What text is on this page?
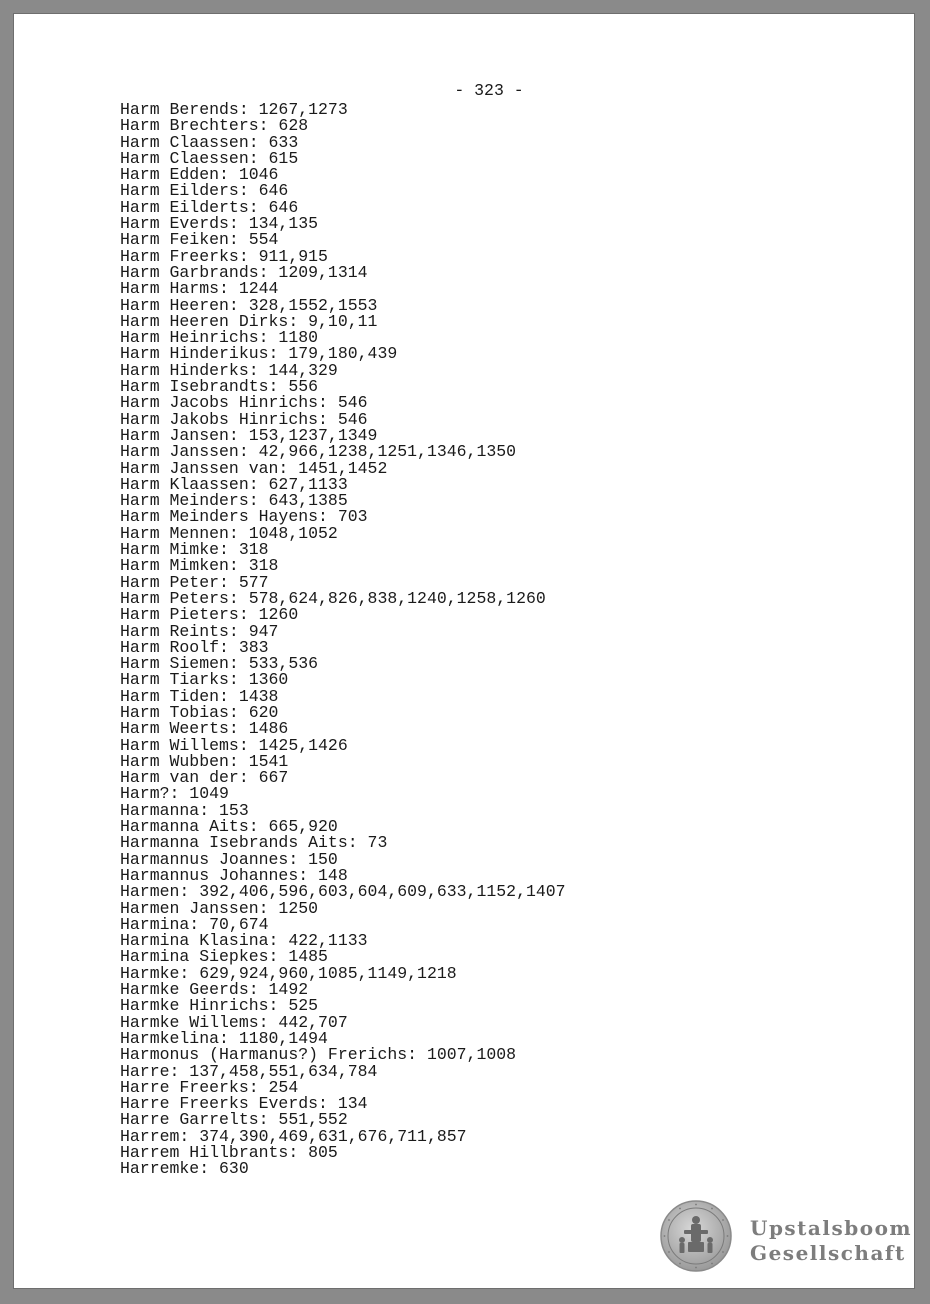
- 323 -
Harm Berends: 1267,1273
Harm Brechters: 628
Harm Claassen: 633
Harm Claessen: 615
Harm Edden: 1046
Harm Eilders: 646
Harm Eilderts: 646
Harm Everds: 134,135
Harm Feiken: 554
Harm Freerks: 911,915
Harm Garbrands: 1209,1314
Harm Harms: 1244
Harm Heeren: 328,1552,1553
Harm Heeren Dirks: 9,10,11
Harm Heinrichs: 1180
Harm Hinderikus: 179,180,439
Harm Hinderks: 144,329
Harm Isebrandts: 556
Harm Jacobs Hinrichs: 546
Harm Jakobs Hinrichs: 546
Harm Jansen: 153,1237,1349
Harm Janssen: 42,966,1238,1251,1346,1350
Harm Janssen van: 1451,1452
Harm Klaassen: 627,1133
Harm Meinders: 643,1385
Harm Meinders Hayens: 703
Harm Mennen: 1048,1052
Harm Mimke: 318
Harm Mimken: 318
Harm Peter: 577
Harm Peters: 578,624,826,838,1240,1258,1260
Harm Pieters: 1260
Harm Reints: 947
Harm Roolf: 383
Harm Siemen: 533,536
Harm Tiarks: 1360
Harm Tiden: 1438
Harm Tobias: 620
Harm Weerts: 1486
Harm Willems: 1425,1426
Harm Wubben: 1541
Harm van der: 667
Harm?: 1049
Harmanna: 153
Harmanna Aits: 665,920
Harmanna Isebrands Aits: 73
Harmannus Joannes: 150
Harmannus Johannes: 148
Harmen: 392,406,596,603,604,609,633,1152,1407
Harmen Janssen: 1250
Harmina: 70,674
Harmina Klasina: 422,1133
Harmina Siepkes: 1485
Harmke: 629,924,960,1085,1149,1218
Harmke Geerds: 1492
Harmke Hinrichs: 525
Harmke Willems: 442,707
Harmkelina: 1180,1494
Harmonus (Harmanus?) Frerichs: 1007,1008
Harre: 137,458,551,634,784
Harre Freerks: 254
Harre Freerks Everds: 134
Harre Garrelts: 551,552
Harrem: 374,390,469,631,676,711,857
Harrem Hillbrants: 805
Harremke: 630
Upstalsboom
Gesellschaft
